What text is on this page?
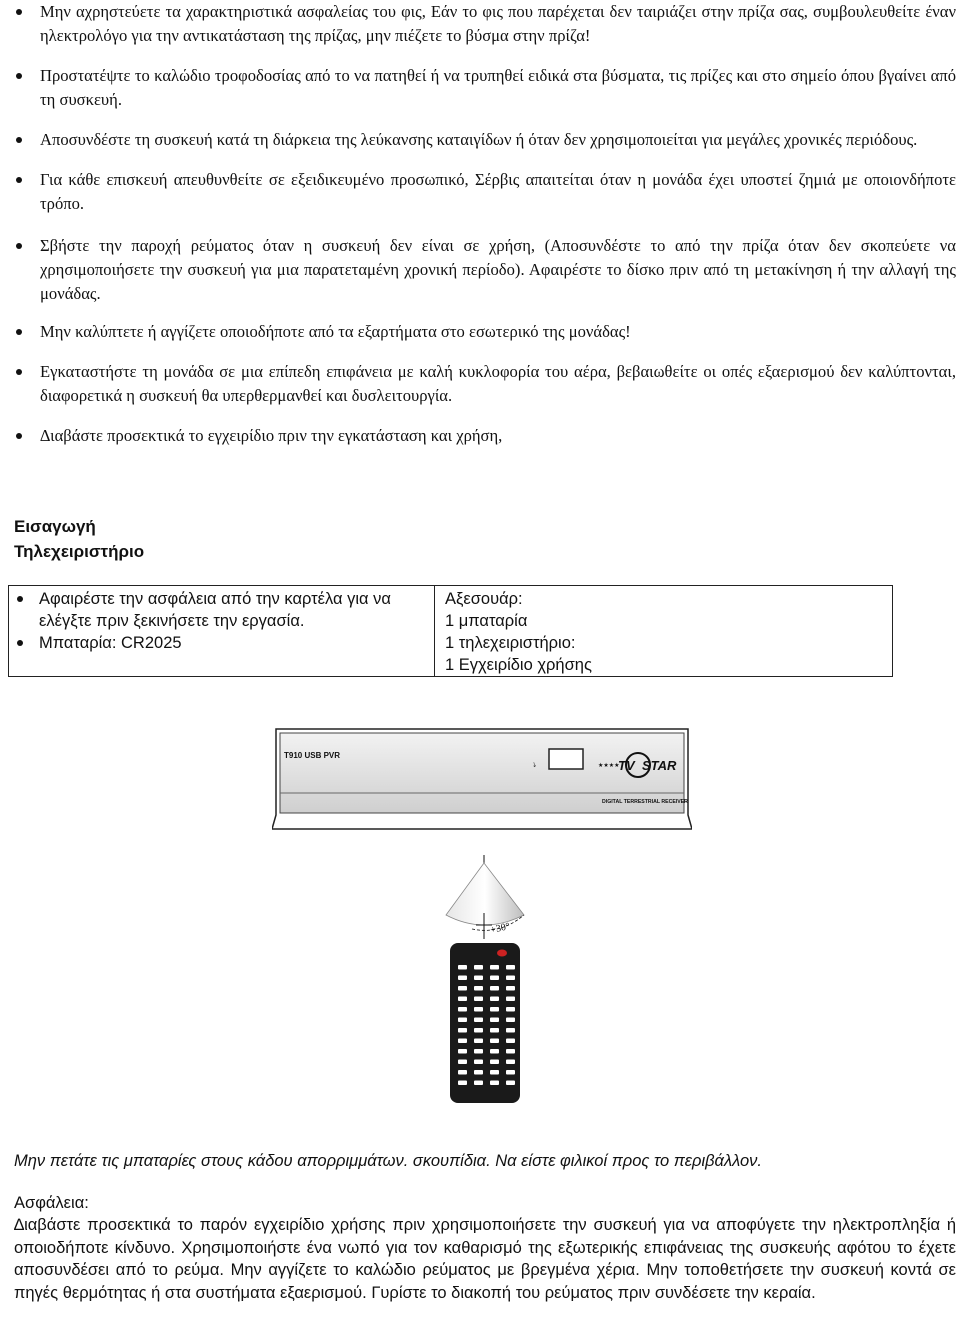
Μην αχρηστεύετε τα χαρακτηριστικά ασφαλείας του φις, Εάν το φις που παρέχεται δεν ταιριάζει στην πρίζα σας, συμβουλευθείτε έναν ηλεκτρολόγο για την αντικατάσταση της πρίζας, μην πιέζετε το βύσμα στην πρίζα!
Προστατέψτε το καλώδιο τροφοδοσίας από το να πατηθεί ή να τρυπηθεί ειδικά στα βύσματα, τις πρίζες και στο σημείο όπου βγαίνει από τη συσκευή.
Αποσυνδέστε τη συσκευή κατά τη διάρκεια της λεύκανσης καταιγίδων ή όταν δεν χρησιμοποιείται για μεγάλες χρονικές περιόδους.
Για κάθε επισκευή απευθυνθείτε σε εξειδικευμένο προσωπικό, Σέρβις απαιτείται όταν η μονάδα έχει υποστεί ζημιά με οποιονδήποτε τρόπο.
Σβήστε την παροχή ρεύματος όταν η συσκευή δεν είναι σε χρήση, (Αποσυνδέστε το από την πρίζα όταν δεν σκοπεύετε να χρησιμοποιήσετε την συσκευή για μια παρατεταμένη χρονική περίοδο). Αφαιρέστε το δίσκο πριν από τη μετακίνηση ή την αλλαγή της μονάδας.
Μην καλύπτετε ή αγγίζετε οποιοδήποτε από τα εξαρτήματα στο εσωτερικό της μονάδας!
Εγκαταστήστε τη μονάδα σε μια επίπεδη επιφάνεια με καλή κυκλοφορία του αέρα, βεβαιωθείτε οι οπές εξαερισμού δεν καλύπτονται, διαφορετικά η συσκευή θα υπερθερμανθεί και δυσλειτουργία.
∆ιαβάστε προσεκτικά το εγχειρίδιο πριν την εγκατάσταση και χρήση,
Εισαγωγή
Τηλεχειριστήριο
Αφαιρέστε την ασφάλεια από την καρτέλα για να ελέγξτε πριν ξεκινήσετε την εργασία.
Μπαταρία: CR2025
Αξεσουάρ:
1 μπαταρία
1 τηλεχειριστήριο:
1 Εγχειρίδιο χρήσης
T910 USB PVR
⭏	TV STAR
★★★★
DIGITAL TERRESTRIAL RECEIVER
+30°
Μην πετάτε τις μπαταρίες στους κάδου απορριμμάτων. σκουπίδια. Να είστε φιλικοί προς το περιβάλλον.
Ασφάλεια:
∆ιαβάστε προσεκτικά το παρόν εγχειρίδιο χρήσης πριν χρησιμοποιήσετε την συσκευή για να αποφύγετε την ηλεκτροπληξία ή οποιοδήποτε κίνδυνο. Χρησιμοποιήστε ένα νωπό για τον καθαρισμό της εξωτερικής επιφάνειας της συσκευής αφότου το έχετε αποσυνδέσει από το ρεύμα. Μην αγγίζετε το καλώδιο ρεύματος με βρεγμένα χέρια. Μην τοποθετήσετε την συσκευή κοντά σε πηγές θερμότητας ή στα συστήματα εξαερισμού. Γυρίστε το διακοπή του ρεύματος πριν συνδέσετε την κεραία.
